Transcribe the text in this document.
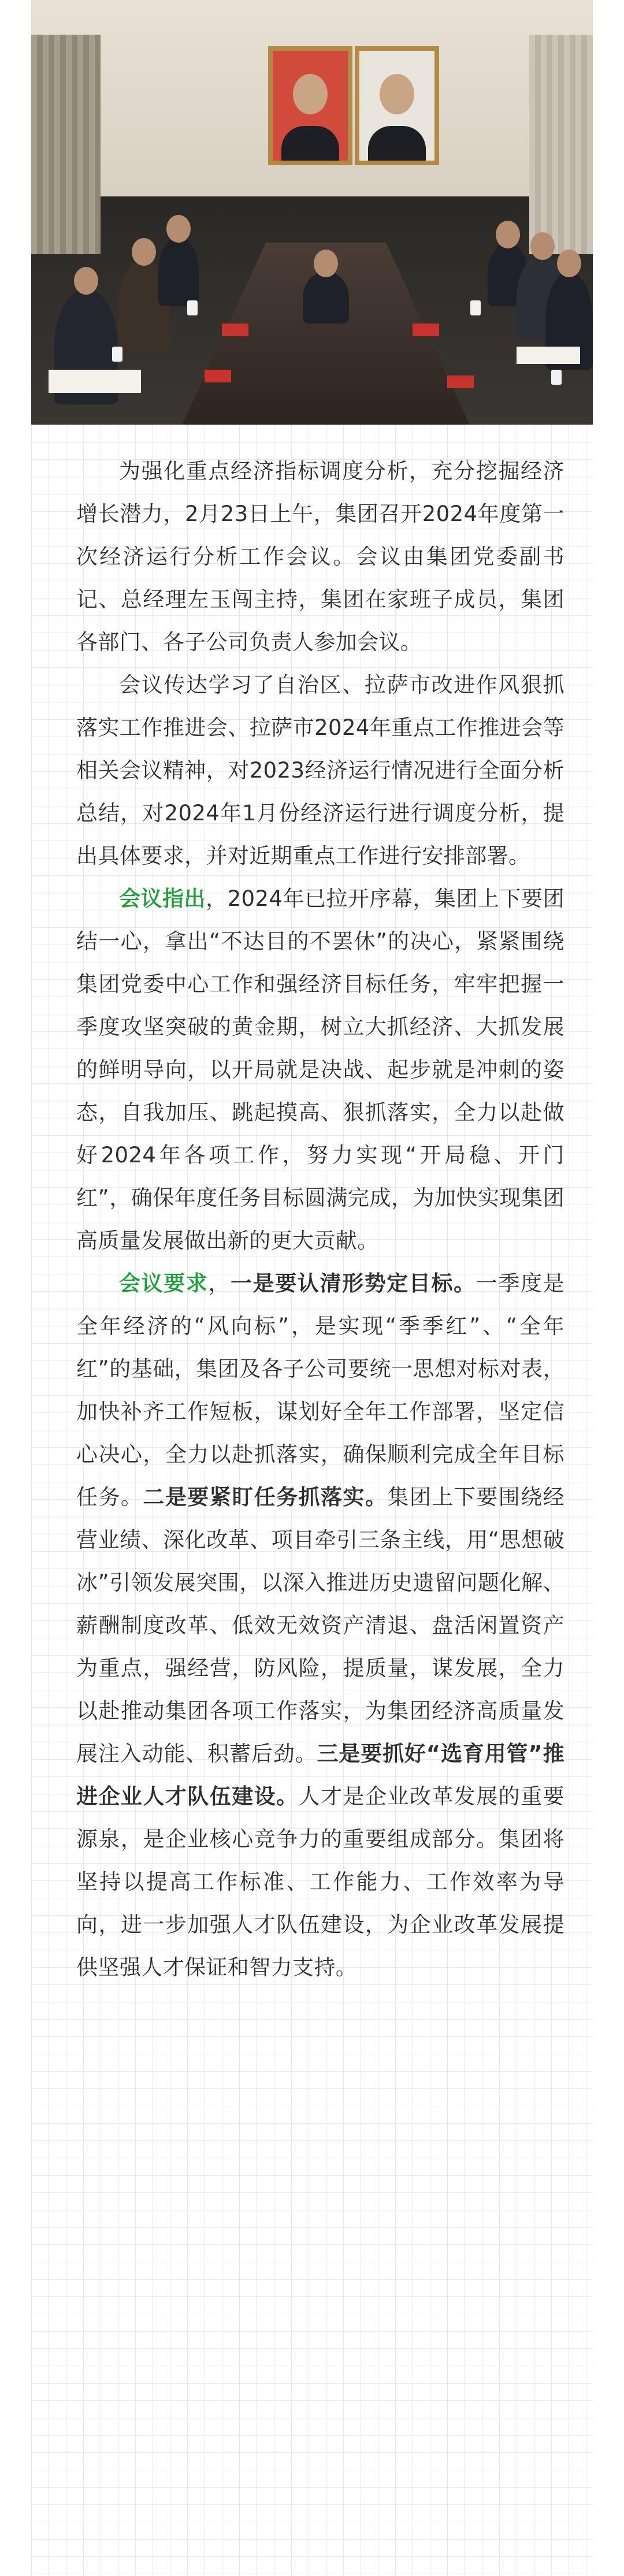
为强化重点经济指标调度分析，充分挖掘经济增长潜力，2月23日上午，集团召开2024年度第一次经济运行分析工作会议。会议由集团党委副书记、总经理左玉闯主持，集团在家班子成员，集团各部门、各子公司负责人参加会议。

会议传达学习了自治区、拉萨市改进作风狠抓落实工作推进会、拉萨市2024年重点工作推进会等相关会议精神，对2023经济运行情况进行全面分析总结，对2024年1月份经济运行进行调度分析，提出具体要求，并对近期重点工作进行安排部署。

会议指出，2024年已拉开序幕，集团上下要团结一心，拿出“不达目的不罢休”的决心，紧紧围绕集团党委中心工作和强经济目标任务，牢牢把握一季度攻坚突破的黄金期，树立大抓经济、大抓发展的鲜明导向，以开局就是决战、起步就是冲刺的姿态，自我加压、跳起摸高、狠抓落实，全力以赴做好2024年各项工作，努力实现“开局稳、开门红”，确保年度任务目标圆满完成，为加快实现集团高质量发展做出新的更大贡献。

会议要求，一是要认清形势定目标。一季度是全年经济的“风向标”，是实现“季季红”、“全年红”的基础，集团及各子公司要统一思想对标对表，加快补齐工作短板，谋划好全年工作部署，坚定信心决心，全力以赴抓落实，确保顺利完成全年目标任务。二是要紧盯任务抓落实。集团上下要围绕经营业绩、深化改革、项目牵引三条主线，用“思想破冰”引领发展突围，以深入推进历史遗留问题化解、薪酬制度改革、低效无效资产清退、盘活闲置资产为重点，强经营，防风险，提质量，谋发展，全力以赴推动集团各项工作落实，为集团经济高质量发展注入动能、积蓄后劲。三是要抓好“选育用管”推进企业人才队伍建设。人才是企业改革发展的重要源泉，是企业核心竞争力的重要组成部分。集团将坚持以提高工作标准、工作能力、工作效率为导向，进一步加强人才队伍建设，为企业改革发展提供坚强人才保证和智力支持。
